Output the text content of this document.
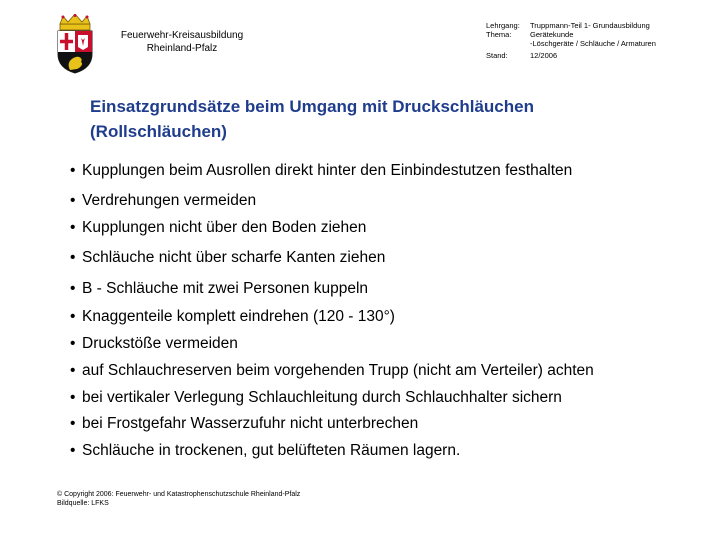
Feuerwehr-Kreisausbildung
Rheinland-Pfalz
Lehrgang:	Truppmann-Teil 1- Grundausbildung
Thema:	Gerätekunde
-Löschgeräte / Schläuche / Armaturen
Stand:	12/2006
Einsatzgrundsätze beim Umgang mit Druckschläuchen
(Rollschläuchen)
• Kupplungen beim Ausrollen direkt hinter den Einbindestutzen festhalten
• Verdrehungen vermeiden
• Kupplungen nicht über den Boden ziehen
• Schläuche nicht über scharfe Kanten ziehen
• B - Schläuche mit zwei Personen kuppeln
• Knaggenteile komplett eindrehen (120 - 130°)
• Druckstöße vermeiden
• auf Schlauchreserven beim vorgehenden Trupp (nicht am Verteiler) achten
• bei vertikaler Verlegung Schlauchleitung durch Schlauchhalter sichern
• bei Frostgefahr Wasserzufuhr nicht unterbrechen
• Schläuche in trockenen, gut belüfteten Räumen lagern.
© Copyright 2006: Feuerwehr- und Katastrophenschutzschule Rheinland-Pfalz
Bildquelle: LFKS
